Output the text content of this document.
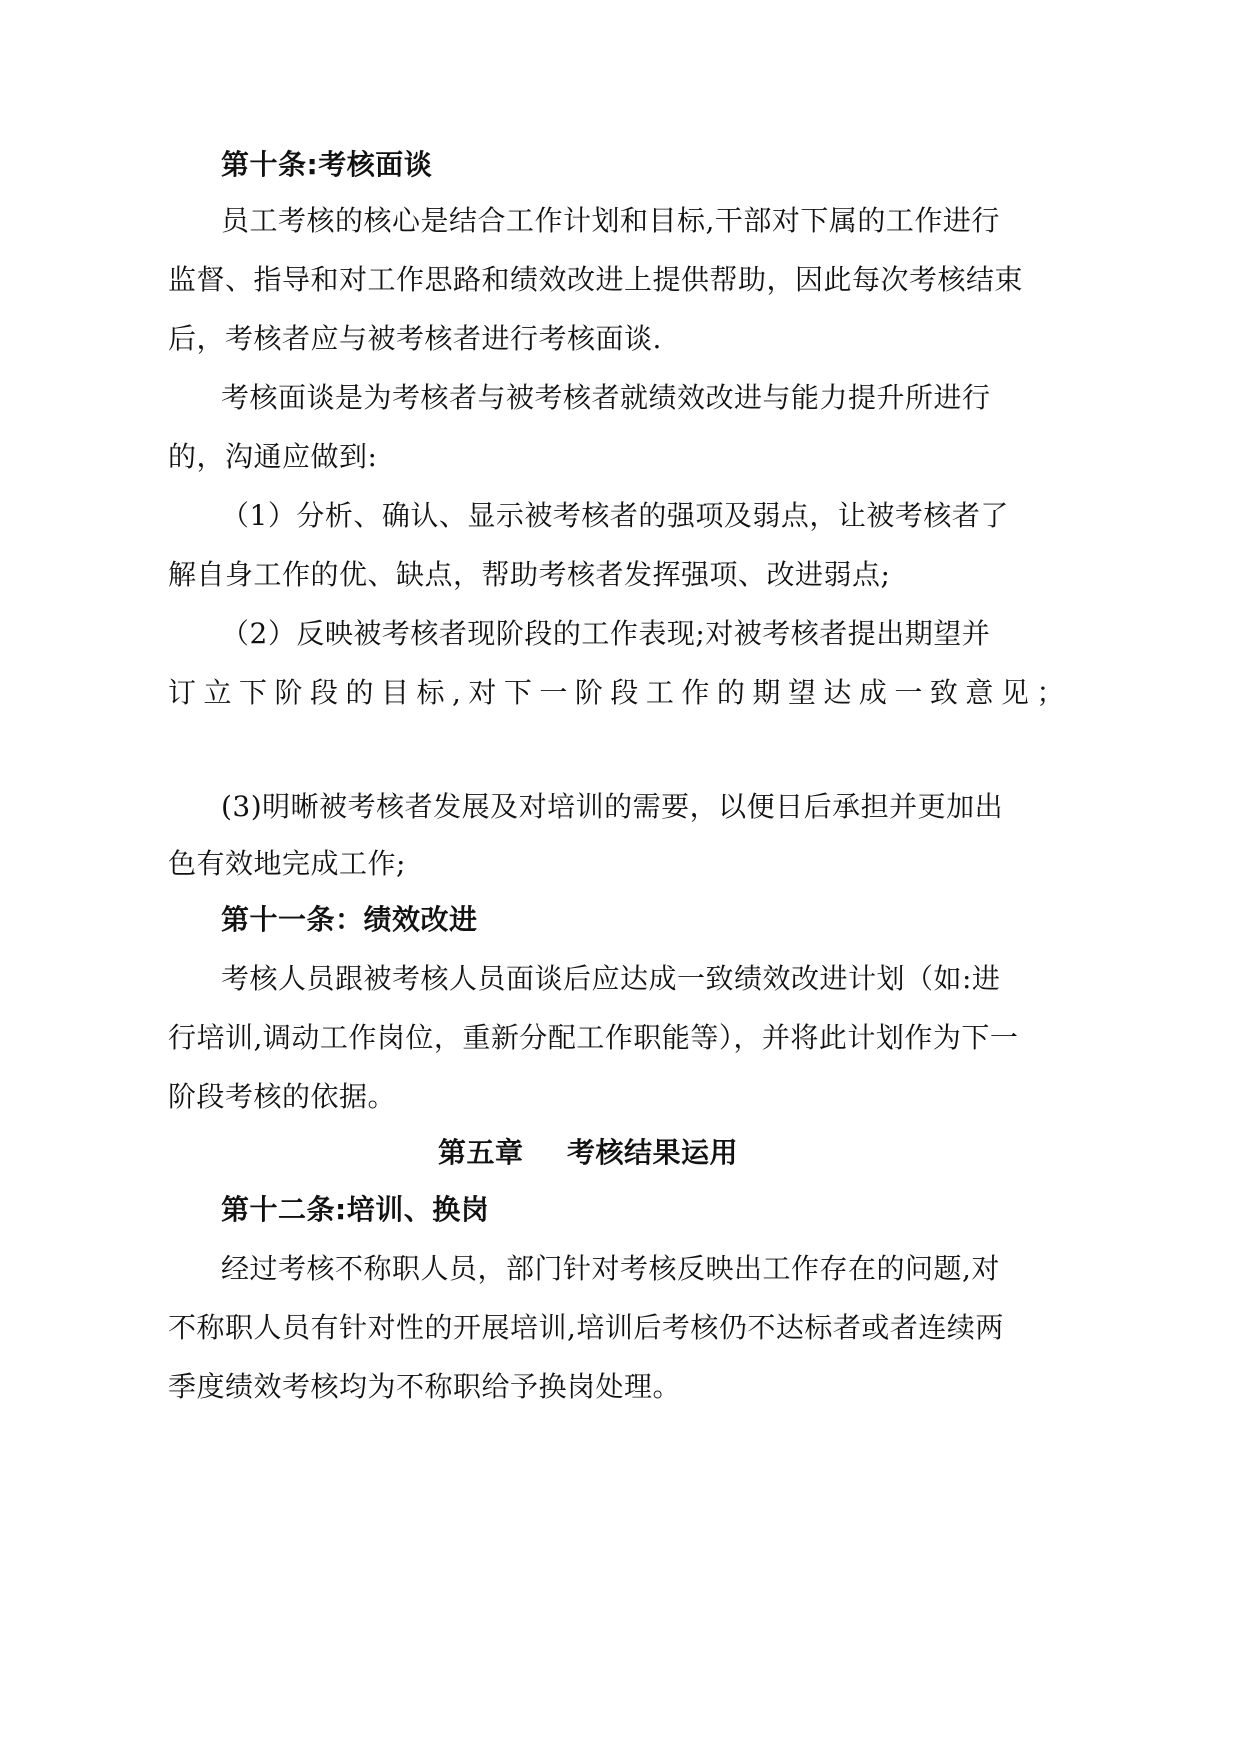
第十条:考核面谈
员工考核的核心是结合工作计划和目标,干部对下属的工作进行
监督、指导和对工作思路和绩效改进上提供帮助，因此每次考核结束
后，考核者应与被考核者进行考核面谈.
考核面谈是为考核者与被考核者就绩效改进与能力提升所进行
的，沟通应做到:
（1）分析、确认、显示被考核者的强项及弱点，让被考核者了
解自身工作的优、缺点，帮助考核者发挥强项、改进弱点;
（2）反映被考核者现阶段的工作表现;对被考核者提出期望并
订立下阶段的目标,对下一阶段工作的期望达成一致意见；
(3)明晰被考核者发展及对培训的需要，以便日后承担并更加出
色有效地完成工作;
第十一条：绩效改进
考核人员跟被考核人员面谈后应达成一致绩效改进计划（如:进
行培训,调动工作岗位，重新分配工作职能等），并将此计划作为下一
阶段考核的依据。
第五章 考核结果运用
第十二条:培训、换岗
经过考核不称职人员，部门针对考核反映出工作存在的问题,对
不称职人员有针对性的开展培训,培训后考核仍不达标者或者连续两
季度绩效考核均为不称职给予换岗处理。
